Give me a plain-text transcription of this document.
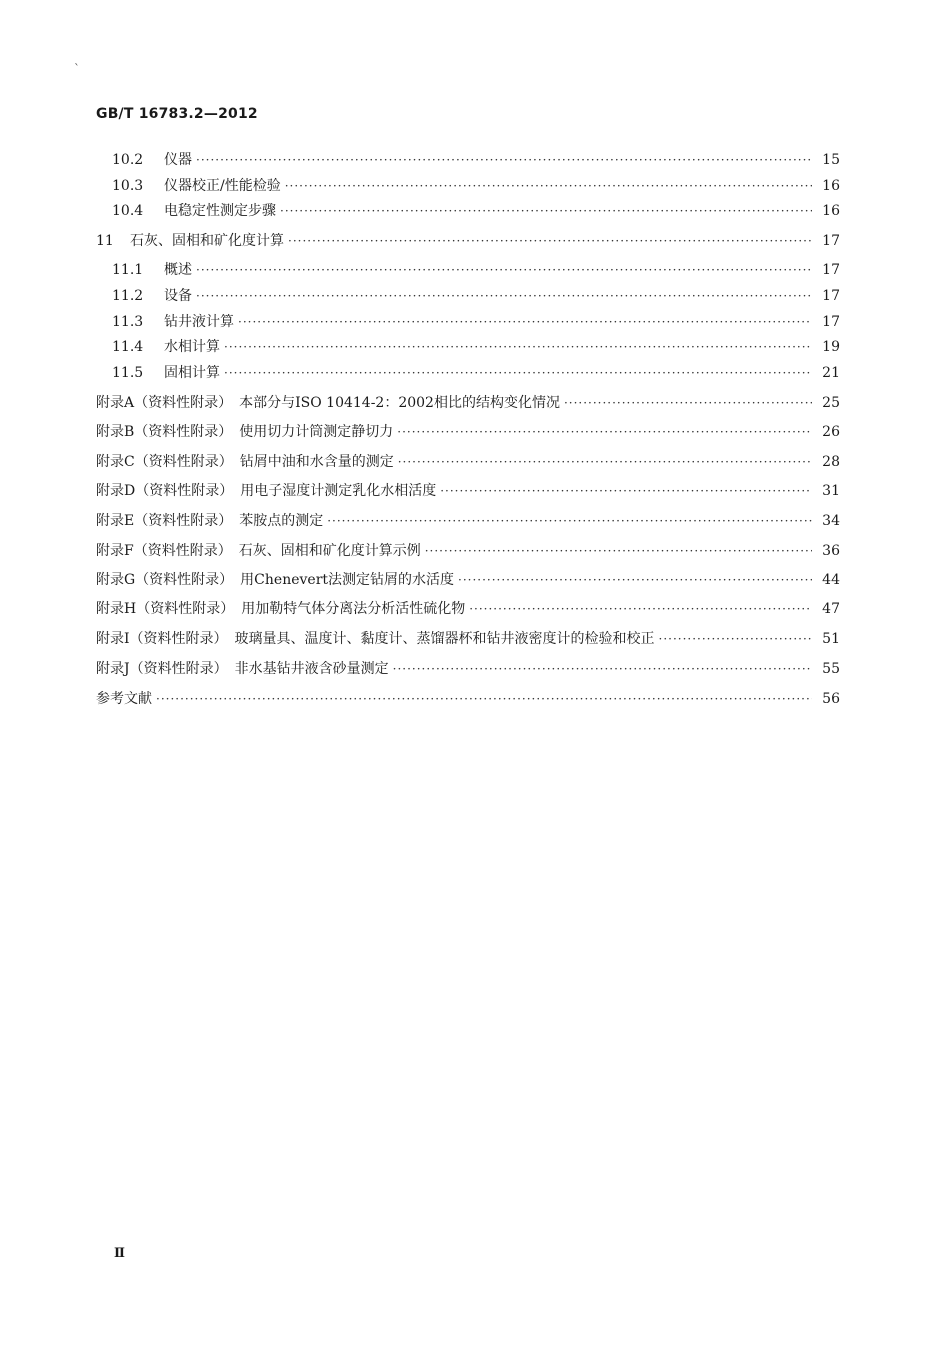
`
GB/T 16783.2—2012
10.2	仪器 ·····	15
10.3	仪器校正/性能检验 ·····	16
10.4	电稳定性测定步骤 ·····	16
11	石灰、固相和矿化度计算 ·····	17
11.1	概述 ·····	17
11.2	设备 ·····	17
11.3	钻井液计算 ·····	17
11.4	水相计算 ·····	19
11.5	固相计算 ·····	21
附录A（资料性附录）　本部分与ISO 10414-2：2002相比的结构变化情况 ·····	25
附录B（资料性附录）　使用切力计筒测定静切力 ·····	26
附录C（资料性附录）　钻屑中油和水含量的测定 ·····	28
附录D（资料性附录）　用电子湿度计测定乳化水相活度 ·····	31
附录E（资料性附录）　苯胺点的测定 ·····	34
附录F（资料性附录）　石灰、固相和矿化度计算示例 ·····	36
附录G（资料性附录）　用Chenevert法测定钻屑的水活度 ·····	44
附录H（资料性附录）　用加勒特气体分离法分析活性硫化物 ·····	47
附录I（资料性附录）　玻璃量具、温度计、黏度计、蒸馏器杯和钻井液密度计的检验和校正 ·····	51
附录J（资料性附录）　非水基钻井液含砂量测定 ·····	55
参考文献 ·····	56
Ⅱ
